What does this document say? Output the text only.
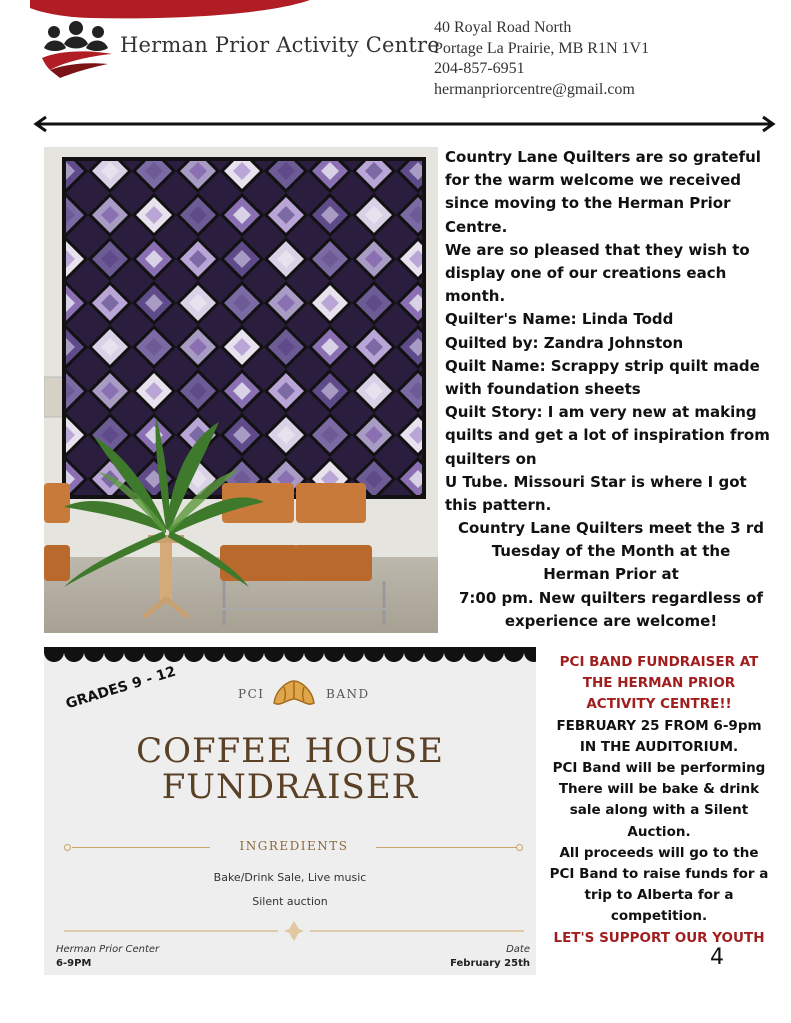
Herman Prior Activity Centre
40 Royal Road North
Portage La Prairie, MB R1N 1V1
204-857-6951
hermanpriorcentre@gmail.com
Country Lane Quilters are so grateful for the warm welcome we received since moving to the Herman Prior Centre.
We are so pleased that they wish to display one of our creations each month.
Quilter's Name: Linda Todd
Quilted by: Zandra Johnston
Quilt Name: Scrappy strip quilt made with foundation sheets
Quilt Story: I am very new at making quilts and get a lot of inspiration from quilters on
U Tube. Missouri Star is where I got this pattern.
Country Lane Quilters meet the 3 rd Tuesday of the Month at the Herman Prior at
7:00 pm. New quilters regardless of experience are welcome!
GRADES 9 - 12	PCI	BAND
COFFEE HOUSE
FUNDRAISER
INGREDIENTS
Bake/Drink Sale, Live music
Silent auction
Herman Prior Center
6-9PM
Date
February 25th
PCI BAND FUNDRAISER AT THE HERMAN PRIOR ACTIVITY CENTRE!!
FEBRUARY 25 FROM 6-9pm IN THE AUDITORIUM.
PCI Band will be performing
There will be bake & drink sale along with a Silent Auction.
All proceeds will go to the PCI Band to raise funds for a trip to Alberta for a competition.
LET'S SUPPORT OUR YOUTH
4
